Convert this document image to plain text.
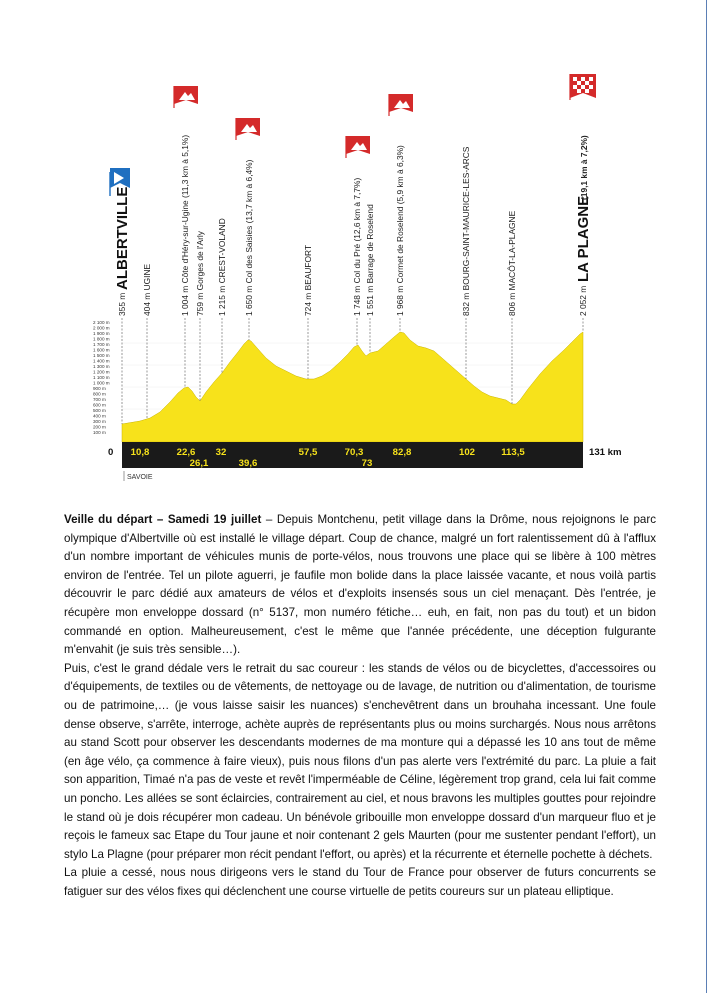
2 100 m
2 000 m
1 900 m
1 800 m
1 700 m
1 600 m
1 500 m
1 400 m
1 300 m
1 200 m
1 100 m
1 000 m
900 m
800 m
700 m
600 m
500 m
400 m
300 m
200 m
100 m
355 m
ALBERTVILLE
404 m UGINE
1 004 m Côte d'Héry-sur-Ugine (11,3 km à 5,1%)
759 m Gorges de l'Arly
1 215 m CREST-VOLAND
1 650 m Col des Saisies (13,7 km à 6,4%)
724 m BEAUFORT
1 748 m Col du Pré (12,6 km à 7,7%)
1 551 m Barrage de Roselend
1 968 m Cormet de Roselend (5,9 km à 6,3%)
832 m BOURG-SAINT-MAURICE-LES-ARCS
806 m MACÔT-LA-PLAGNE
2 052 m
LA PLAGNE
(19,1 km à 7,2%)
0 10,8	22,6 32	57,5	70,3	82,8	102	113,5
26,1	39,6	73
131 km
SAVOIE

Veille du départ – Samedi 19 juillet – Depuis Montchenu, petit village dans la Drôme, nous rejoignons le parc olympique d'Albertville où est installé le village départ. Coup de chance, malgré un fort ralentissement dû à l'afflux d'un nombre important de véhicules munis de porte-vélos, nous trouvons une place qui se libère à 100 mètres environ de l'entrée. Tel un pilote aguerri, je faufile mon bolide dans la place laissée vacante, et nous voilà partis découvrir le parc dédié aux amateurs de vélos et d'exploits insensés sous un ciel menaçant. Dès l'entrée, je récupère mon enveloppe dossard (n° 5137, mon numéro fétiche… euh, en fait, non pas du tout) et un bidon commandé en option. Malheureusement, c'est le même que l'année précédente, une déception fulgurante m'envahit (je suis très sensible…).

Puis, c'est le grand dédale vers le retrait du sac coureur : les stands de vélos ou de bicyclettes, d'accessoires ou d'équipements, de textiles ou de vêtements, de nettoyage ou de lavage, de nutrition ou d'alimentation, de tourisme ou de patrimoine,… (je vous laisse saisir les nuances) s'enchevêtrent dans un brouhaha incessant. Une foule dense observe, s'arrête, interroge, achète auprès de représentants plus ou moins surchargés. Nous nous arrêtons au stand Scott pour observer les descendants modernes de ma monture qui a dépassé les 10 ans tout de même (en âge vélo, ça commence à faire vieux), puis nous filons d'un pas alerte vers l'extrémité du parc. La pluie a fait son apparition, Timaé n'a pas de veste et revêt l'imperméable de Céline, légèrement trop grand, cela lui fait comme un poncho. Les allées se sont éclaircies, contrairement au ciel, et nous bravons les multiples gouttes pour rejoindre le stand où je dois récupérer mon cadeau. Un bénévole gribouille mon enveloppe dossard d'un marqueur fluo et je reçois le fameux sac Etape du Tour jaune et noir contenant 2 gels Maurten (pour me sustenter pendant l'effort), un stylo La Plagne (pour préparer mon récit pendant l'effort, ou après) et la récurrente et éternelle pochette à déchets.

La pluie a cessé, nous nous dirigeons vers le stand du Tour de France pour observer de futurs concurrents se fatiguer sur des vélos fixes qui déclenchent une course virtuelle de petits coureurs sur un plateau elliptique.
